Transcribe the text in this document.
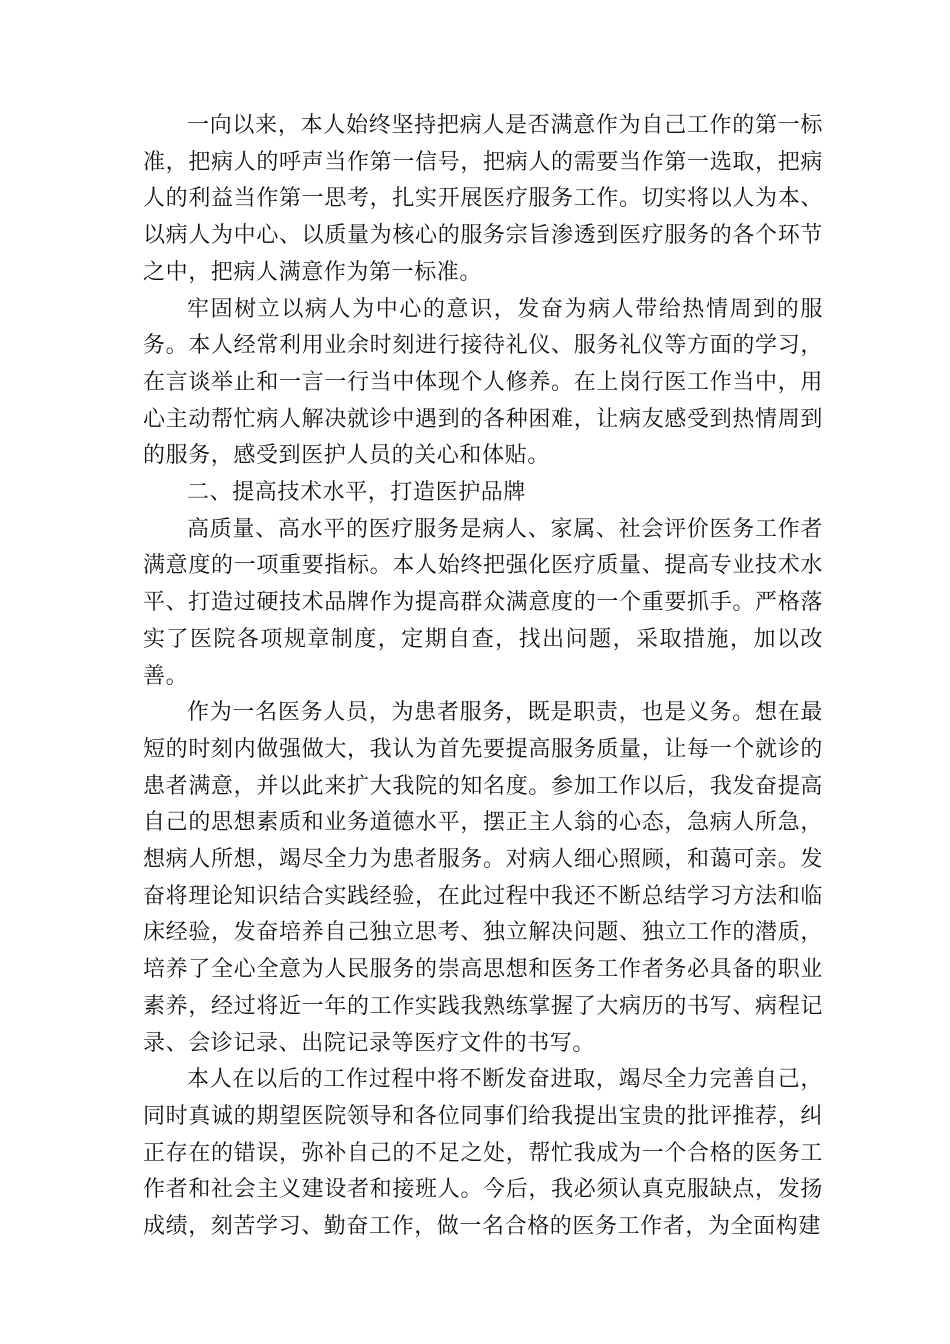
一向以来，本人始终坚持把病人是否满意作为自己工作的第一标准，把病人的呼声当作第一信号，把病人的需要当作第一选取，把病人的利益当作第一思考，扎实开展医疗服务工作。切实将以人为本、以病人为中心、以质量为核心的服务宗旨渗透到医疗服务的各个环节之中，把病人满意作为第一标准。

牢固树立以病人为中心的意识，发奋为病人带给热情周到的服务。本人经常利用业余时刻进行接待礼仪、服务礼仪等方面的学习，在言谈举止和一言一行当中体现个人修养。在上岗行医工作当中，用心主动帮忙病人解决就诊中遇到的各种困难，让病友感受到热情周到的服务，感受到医护人员的关心和体贴。

二、提高技术水平，打造医护品牌

高质量、高水平的医疗服务是病人、家属、社会评价医务工作者满意度的一项重要指标。本人始终把强化医疗质量、提高专业技术水平、打造过硬技术品牌作为提高群众满意度的一个重要抓手。严格落实了医院各项规章制度，定期自查，找出问题，采取措施，加以改善。

作为一名医务人员，为患者服务，既是职责，也是义务。想在最短的时刻内做强做大，我认为首先要提高服务质量，让每一个就诊的患者满意，并以此来扩大我院的知名度。参加工作以后，我发奋提高自己的思想素质和业务道德水平，摆正主人翁的心态，急病人所急，想病人所想，竭尽全力为患者服务。对病人细心照顾，和蔼可亲。发奋将理论知识结合实践经验，在此过程中我还不断总结学习方法和临床经验，发奋培养自己独立思考、独立解决问题、独立工作的潜质，培养了全心全意为人民服务的崇高思想和医务工作者务必具备的职业素养，经过将近一年的工作实践我熟练掌握了大病历的书写、病程记录、会诊记录、出院记录等医疗文件的书写。

本人在以后的工作过程中将不断发奋进取，竭尽全力完善自己，同时真诚的期望医院领导和各位同事们给我提出宝贵的批评推荐，纠正存在的错误，弥补自己的不足之处，帮忙我成为一个合格的医务工作者和社会主义建设者和接班人。今后，我必须认真克服缺点，发扬成绩，刻苦学习、勤奋工作，做一名合格的医务工作者，为全面构建
